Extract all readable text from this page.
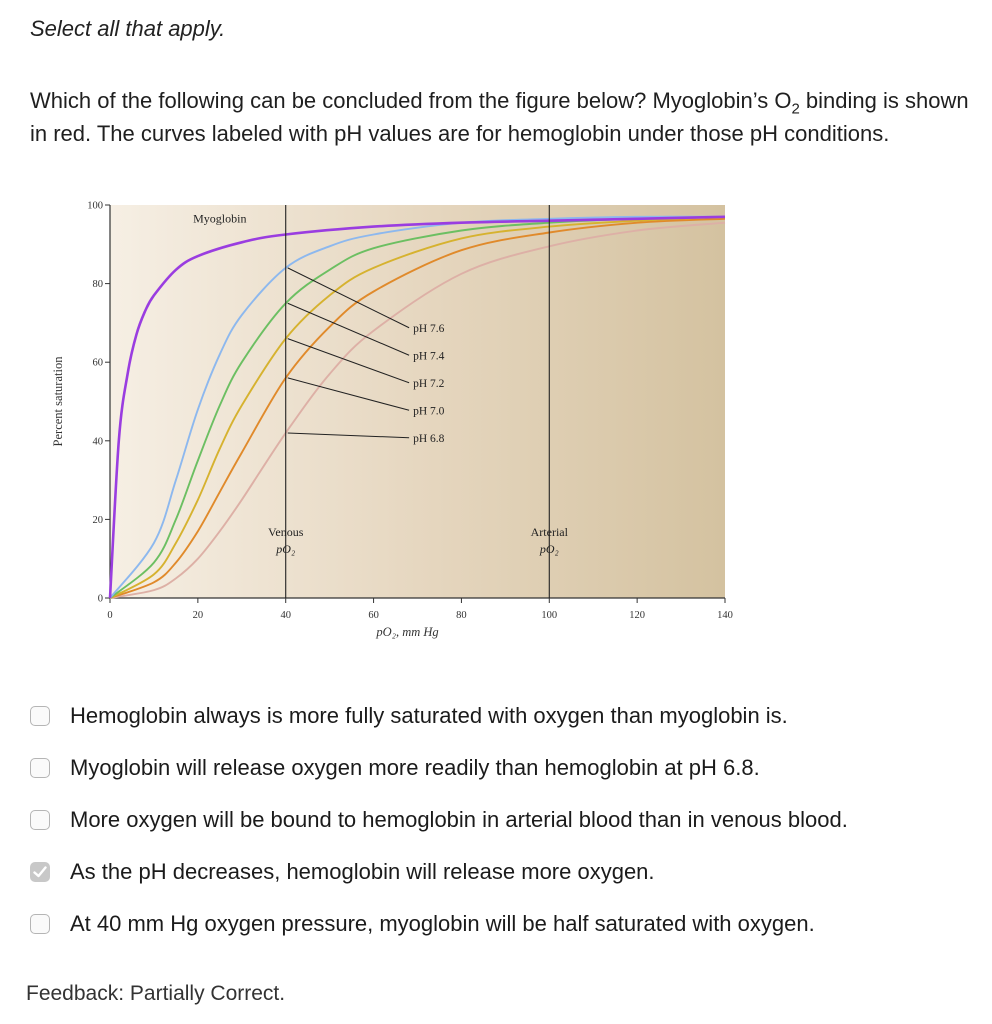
Select all that apply.
Which of the following can be concluded from the figure below? Myoglobin’s $O_2$ binding is shown in red. The curves labeled with pH values are for hemoglobin under those pH conditions.
0
20
40
60
80
100
0	20	40	60	80	100	120	140
pO₂, mm Hg
Percent saturation
Myoglobin
Venous
pO₂
Arterial
pO₂
pH 7.6
pH 7.4
pH 7.2
pH 7.0
pH 6.8
Hemoglobin always is more fully saturated with oxygen than myoglobin is.
Myoglobin will release oxygen more readily than hemoglobin at pH 6.8.
More oxygen will be bound to hemoglobin in arterial blood than in venous blood.
As the pH decreases, hemoglobin will release more oxygen.
At 40 mm Hg oxygen pressure, myoglobin will be half saturated with oxygen.
Feedback: Partially Correct.
